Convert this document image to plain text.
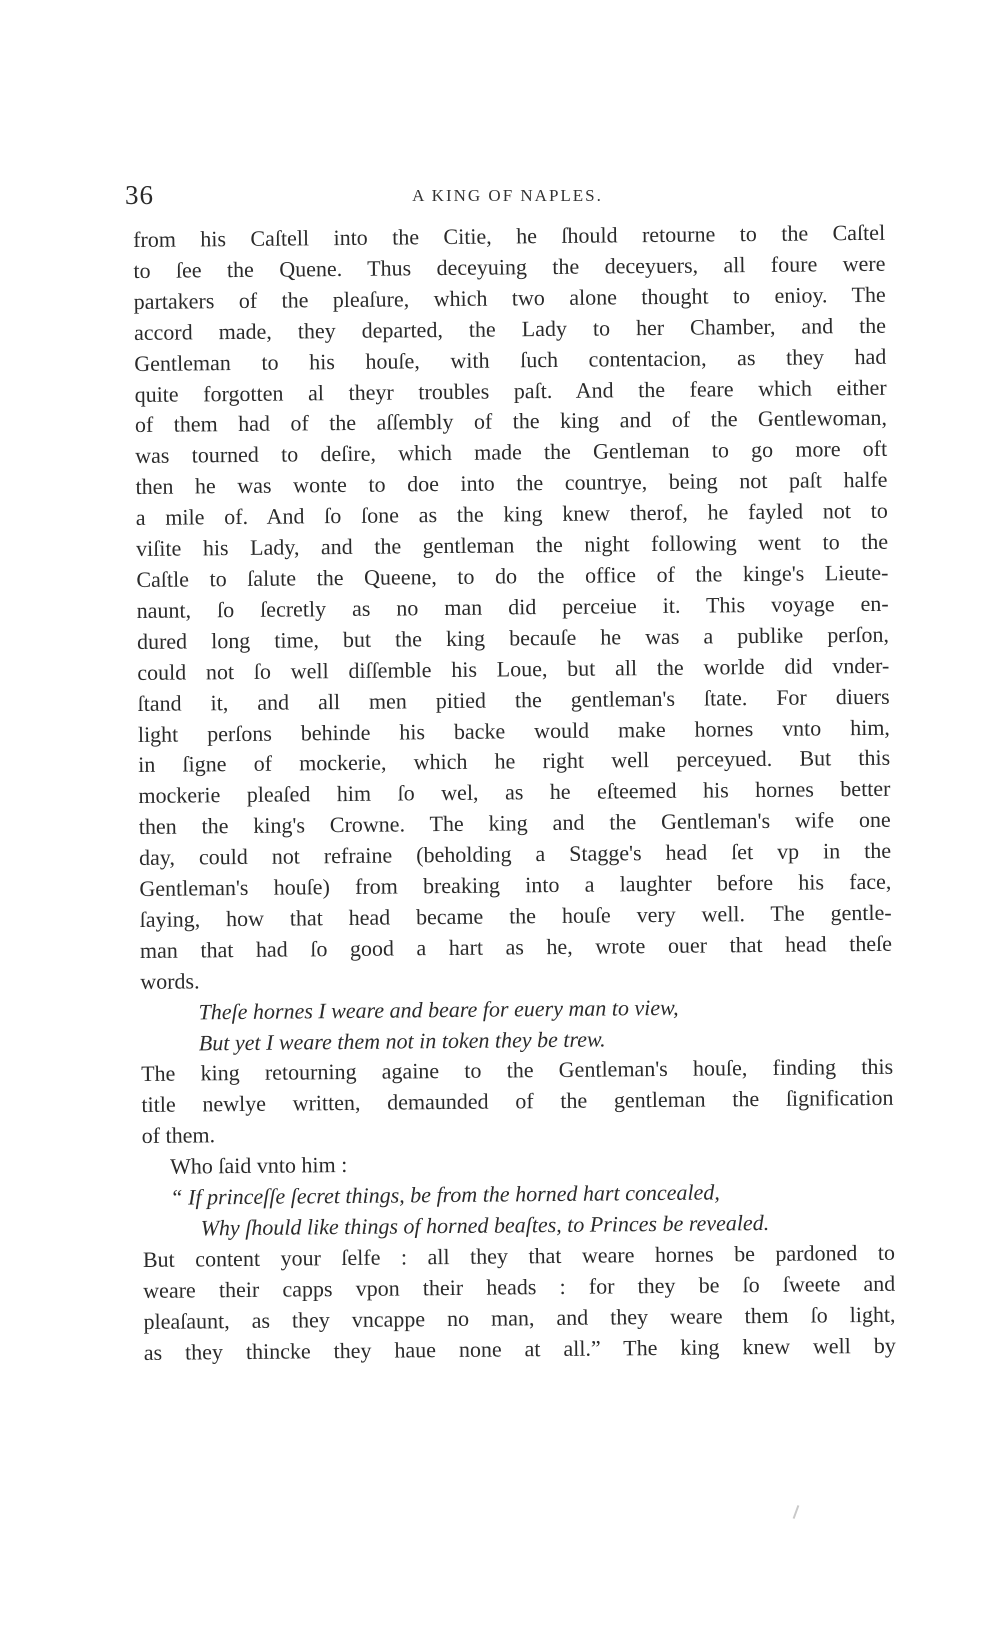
36	A KING OF NAPLES.
from his Caſtell into the Citie, he ſhould retourne to the Caſtel
to ſee the Quene. Thus deceyuing the deceyuers, all foure were
partakers of the pleaſure, which two alone thought to enioy. The
accord made, they departed, the Lady to her Chamber, and the
Gentleman to his houſe, with ſuch contentacion, as they had
quite forgotten al theyr troubles paſt. And the feare which either
of them had of the aſſembly of the king and of the Gentlewoman,
was tourned to deſire, which made the Gentleman to go more oft
then he was wonte to doe into the countrye, being not paſt halfe
a mile of. And ſo ſone as the king knew therof, he fayled not to
viſite his Lady, and the gentleman the night following went to the
Caſtle to ſalute the Queene, to do the office of the kinge's Lieute-
naunt, ſo ſecretly as no man did perceiue it. This voyage en-
dured long time, but the king becauſe he was a publike perſon,
could not ſo well diſſemble his Loue, but all the worlde did vnder-
ſtand it, and all men pitied the gentleman's ſtate. For diuers
light perſons behinde his backe would make hornes vnto him,
in ſigne of mockerie, which he right well perceyued. But this
mockerie pleaſed him ſo wel, as he eſteemed his hornes better
then the king's Crowne. The king and the Gentleman's wife one
day, could not refraine (beholding a Stagge's head ſet vp in the
Gentleman's houſe) from breaking into a laughter before his face,
ſaying, how that head became the houſe very well. The gentle-
man that had ſo good a hart as he, wrote ouer that head theſe
words.
Theſe hornes I weare and beare for euery man to view,
But yet I weare them not in token they be trew.
The king retourning againe to the Gentleman's houſe, finding this
title newlye written, demaunded of the gentleman the ſignification
of them.
Who ſaid vnto him :
“ If princeſſe ſecret things, be from the horned hart concealed,
Why ſhould like things of horned beaſtes, to Princes be revealed.
But content your ſelfe : all they that weare hornes be pardoned to
weare their capps vpon their heads : for they be ſo ſweete and
pleaſaunt, as they vncappe no man, and they weare them ſo light,
as they thincke they haue none at all.” The king knew well by
